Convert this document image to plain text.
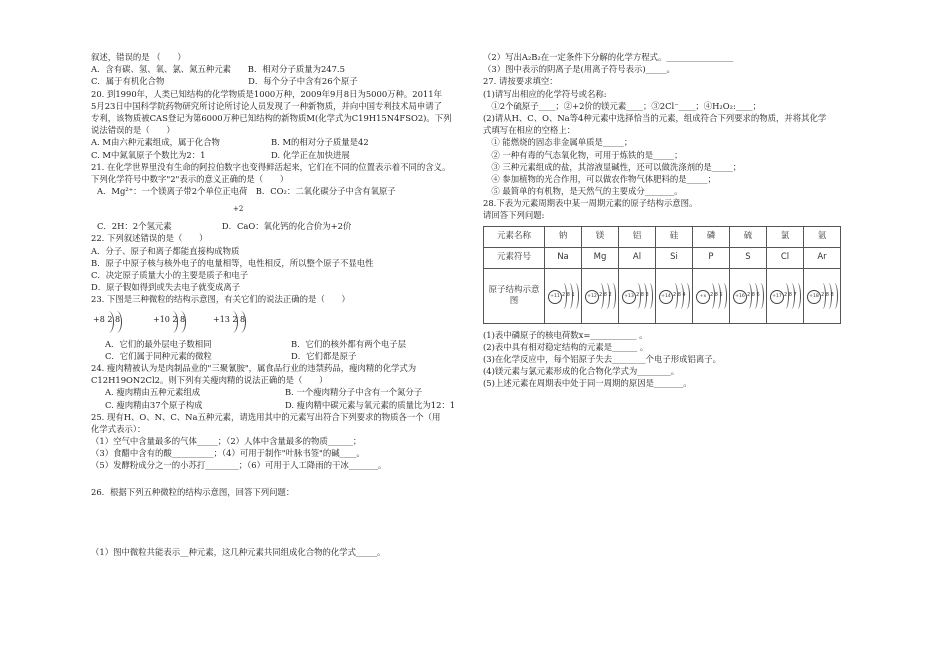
叙述，错误的是 （　　）

A．含有碳、氢、氧、氯、氮五种元素　　B．相对分子质量为247.5

C．属于有机化合物　　　　　　　　　　D．每个分子中含有26个原子

20. 到1990年，人类已知结构的化学物质是1000万种，2009年9月8日为5000万种。2011年

5月23日中国科学院药物研究所讨论所讨论人员发现了一种新物质，并向中国专利技术局申请了

专利，该物质被CAS登记为第6000万种已知结构的新物质M(化学式为C19H15N4FSO2)。下列

说法错误的是（　　）

A. M由六种元素组成，属于化合物	B. M的相对分子质量是42

C. M中氮氧原子个数比为2：1	D. 化学正在加快进展

21. 在化学世界里没有生命的阿拉伯数字也变得鲜活起来，它们在不同的位置表示着不同的含义。

下列化学符号中数字"2"表示的意义正确的是（　　）

A．Mg²⁺：一个镁离子带2个单位正电荷　B．CO₂：二氧化碳分子中含有氧原子

+2

C．2H：2个氢元素　　　　　　D．CaO：氧化钙的化合价为+2价

22. 下列叙述错误的是（　　）

A．分子、原子和离子都能直接构成物质

B．原子中原子核与核外电子的电量相等，电性相反，所以整个原子不显电性

C．决定原子质量大小的主要是质子和电子

D．原子假如得到或失去电子就变成离子

23. 下图是三种微粒的结构示意图，有关它们的说法正确的是（　　）

+8 2 8	+10 2 8	+13 2 8

A．它们的最外层电子数相同	B．它们的核外都有两个电子层

C．它们属于同种元素的微粒	D．它们都是原子

24. 瘦肉精被认为是肉制品业的"三聚氰胺"，属食品行业的违禁药品，瘦肉精的化学式为

C12H19ON2Cl2。则下列有关瘦肉精的说法正确的是（　　）

A. 瘦肉精由五种元素组成	B. 一个瘦肉精分子中含有一个氮分子

C. 瘦肉精由37个原子构成	D. 瘦肉精中碳元素与氧元素的质量比为12：1

25. 现有H、O、N、C、Na五种元素，请选用其中的元素写出符合下列要求的物质各一个（用

化学式表示）：

（1）空气中含量最多的气体_____；（2）人体中含量最多的物质______；

（3）食醋中含有的酸__________；（4）可用于制作"叶脉书签"的碱____。

（5）发酵粉成分之一的小苏打________；（6）可用于人工降雨的干冰_______。

26．根据下列五种微粒的结构示意图，回答下列问题：

（1）图中微粒共能表示__种元素，这几种元素共同组成化合物的化学式_____。

（2）写出A₂B₂在一定条件下分解的化学方程式。________________

（3）图中表示的阴离子是(用离子符号表示)_____。

27. 请按要求填空：

(1)请写出相应的化学符号或名称:

　①2个硫原子____；②+2价的镁元素____；③2Cl⁻____；④H₂O₂:____；

(2)请从H、C、O、Na等4种元素中选择恰当的元素，组成符合下列要求的物质，并将其化学

式填写在相应的空格上：

　① 能燃烧的固态非金属单质是_____；

　② 一种有毒的气态氧化物，可用于炼铁的是_____；

　③ 三种元素组成的盐，其溶液显碱性，还可以做洗涤剂的是_____；

　④ 参加植物的光合作用，可以做农作物气体肥料的是_____；

　⑤ 最简单的有机物，是天然气的主要成分_______。

28.下表为元素周期表中某一周期元素的原子结构示意图。

请回答下列问题:

元素名称	钠	镁	铝	硅	磷	硫	氯	氩
元素符号	Na	Mg	Al	Si	P	S	Cl	Ar
原子结构示意图	+11 2 8 1	+12 2 8 2	+13 2 8 3	+14 2 8 4	+x 2 8 5	+16 2 8 6	+17 2 8 7	+18 2 8 8

(1)表中磷原子的核电荷数x=___________ 。

(2)表中具有相对稳定结构的元素是______ 。

(3)在化学反应中，每个铝原子失去________个电子形成铝离子。

(4)镁元素与氯元素形成的化合物化学式为________。

(5)上述元素在周期表中处于同一周期的原因是_______。
